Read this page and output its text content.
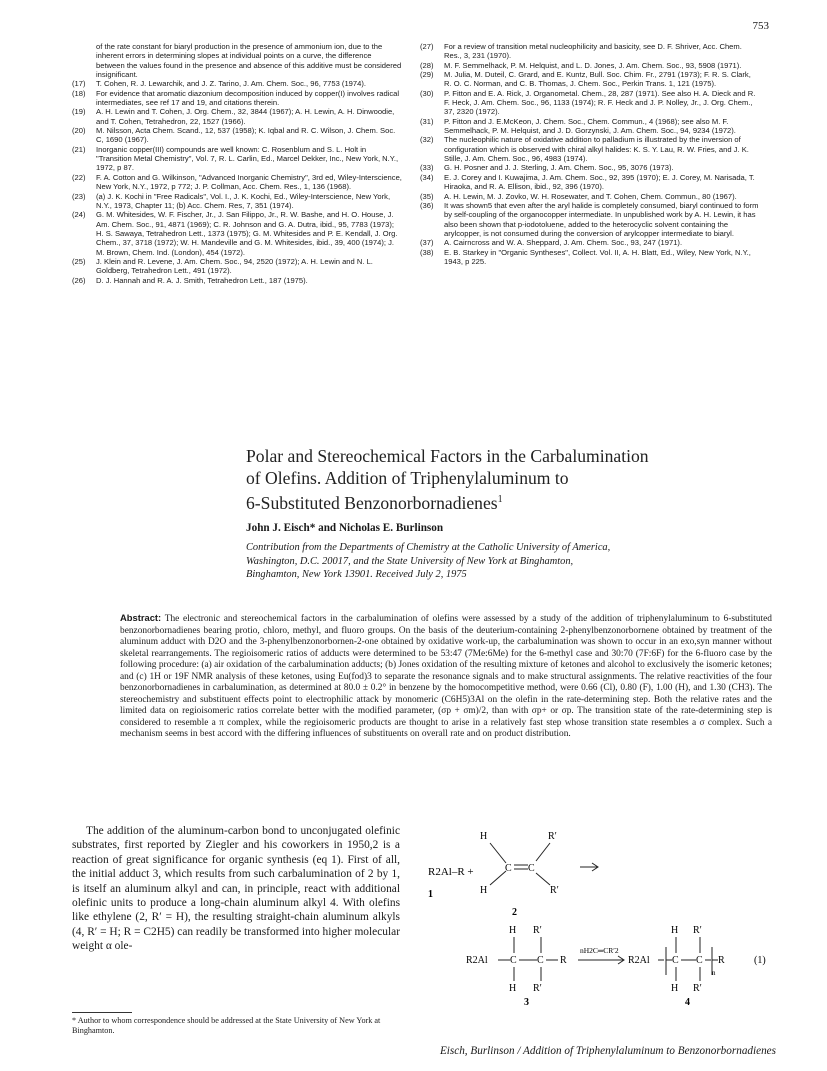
753
of the rate constant for biaryl production in the presence of ammonium ion, due to the inherent errors in determining slopes at individual points on a curve, the difference between the values found in the presence and absence of this additive must be considered insignificant.
(17)	T. Cohen, R. J. Lewarchik, and J. Z. Tarino, J. Am. Chem. Soc., 96, 7753 (1974).
(18)	For evidence that aromatic diazonium decomposition induced by copper(I) involves radical intermediates, see ref 17 and 19, and citations therein.
(19)	A. H. Lewin and T. Cohen, J. Org. Chem., 32, 3844 (1967); A. H. Lewin, A. H. Dinwoodie, and T. Cohen, Tetrahedron, 22, 1527 (1966).
(20)	M. Nilsson, Acta Chem. Scand., 12, 537 (1958); K. Iqbal and R. C. Wilson, J. Chem. Soc. C, 1690 (1967).
(21)	Inorganic copper(III) compounds are well known: C. Rosenblum and S. L. Holt in "Transition Metal Chemistry", Vol. 7, R. L. Carlin, Ed., Marcel Dekker, Inc., New York, N.Y., 1972, p 87.
(22)	F. A. Cotton and G. Wilkinson, "Advanced Inorganic Chemistry", 3rd ed, Wiley-Interscience, New York, N.Y., 1972, p 772; J. P. Collman, Acc. Chem. Res., 1, 136 (1968).
(23)	(a) J. K. Kochi in "Free Radicals", Vol. I., J. K. Kochi, Ed., Wiley-Interscience, New York, N.Y., 1973, Chapter 11; (b) Acc. Chem. Res, 7, 351 (1974).
(24)	G. M. Whitesides, W. F. Fischer, Jr., J. San Filippo, Jr., R. W. Bashe, and H. O. House, J. Am. Chem. Soc., 91, 4871 (1969); C. R. Johnson and G. A. Dutra, ibid., 95, 7783 (1973); H. S. Sawaya, Tetrahedron Lett., 1373 (1975); G. M. Whitesides and P. E. Kendall, J. Org. Chem., 37, 3718 (1972); W. H. Mandeville and G. M. Whitesides, ibid., 39, 400 (1974); J. M. Brown, Chem. Ind. (London), 454 (1972).
(25)	J. Klein and R. Levene, J. Am. Chem. Soc., 94, 2520 (1972); A. H. Lewin and N. L. Goldberg, Tetrahedron Lett., 491 (1972).
(26)	D. J. Hannah and R. A. J. Smith, Tetrahedron Lett., 187 (1975).
(27)	For a review of transition metal nucleophilicity and basicity, see D. F. Shriver, Acc. Chem. Res., 3, 231 (1970).
(28)	M. F. Semmelhack, P. M. Helquist, and L. D. Jones, J. Am. Chem. Soc., 93, 5908 (1971).
(29)	M. Julia, M. Duteil, C. Grard, and E. Kuntz, Bull. Soc. Chim. Fr., 2791 (1973); F. R. S. Clark, R. O. C. Norman, and C. B. Thomas, J. Chem. Soc., Perkin Trans. 1, 121 (1975).
(30)	P. Fitton and E. A. Rick, J. Organometal. Chem., 28, 287 (1971). See also H. A. Dieck and R. F. Heck, J. Am. Chem. Soc., 96, 1133 (1974); R. F. Heck and J. P. Nolley, Jr., J. Org. Chem., 37, 2320 (1972).
(31)	P. Fitton and J. E.McKeon, J. Chem. Soc., Chem. Commun., 4 (1968); see also M. F. Semmelhack, P. M. Helquist, and J. D. Gorzynski, J. Am. Chem. Soc., 94, 9234 (1972).
(32)	The nucleophilic nature of oxidative addition to palladium is illustrated by the inversion of configuration which is observed with chiral alkyl halides: K. S. Y. Lau, R. W. Fries, and J. K. Stille, J. Am. Chem. Soc., 96, 4983 (1974).
(33)	G. H. Posner and J. J. Sterling, J. Am. Chem. Soc., 95, 3076 (1973).
(34)	E. J. Corey and I. Kuwajima, J. Am. Chem. Soc., 92, 395 (1970); E. J. Corey, M. Narisada, T. Hiraoka, and R. A. Ellison, ibid., 92, 396 (1970).
(35)	A. H. Lewin, M. J. Zovko, W. H. Rosewater, and T. Cohen, Chem. Commun., 80 (1967).
(36)	It was shown5 that even after the aryl halide is completely consumed, biaryl continued to form by self-coupling of the organocopper intermediate. In unpublished work by A. H. Lewin, it has also been shown that p-iodotoluene, added to the heterocyclic solvent containing the arylcopper, is not consumed during the conversion of arylcopper intermediate to biaryl.
(37)	A. Cairncross and W. A. Sheppard, J. Am. Chem. Soc., 93, 247 (1971).
(38)	E. B. Starkey in "Organic Syntheses", Collect. Vol. II, A. H. Blatt, Ed., Wiley, New York, N.Y., 1943, p 225.
Polar and Stereochemical Factors in the Carbalumination
of Olefins. Addition of Triphenylaluminum to
6-Substituted Benzonorbornadienes$^1$
John J. Eisch* and Nicholas E. Burlinson
Contribution from the Departments of Chemistry at the Catholic University of America,
Washington, D.C. 20017, and the State University of New York at Binghamton,
Binghamton, New York 13901. Received July 2, 1975
Abstract: The electronic and stereochemical factors in the carbalumination of olefins were assessed by a study of the addition of triphenylaluminum to 6-substituted benzonorbornadienes bearing protio, chloro, methyl, and fluoro groups. On the basis of the deuterium-containing 2-phenylbenzonorbornene obtained by treatment of the aluminum adduct with D2O and the 3-phenylbenzonorbornen-2-one obtained by oxidative work-up, the carbalumination was shown to occur in an exo,syn manner without skeletal rearrangements. The regioisomeric ratios of adducts were determined to be 53:47 (7Me:6Me) for the 6-methyl case and 30:70 (7F:6F) for the 6-fluoro case by the following procedure: (a) air oxidation of the carbalumination adducts; (b) Jones oxidation of the resulting mixture of ketones and alcohol to exclusively the isomeric ketones; and (c) 1H or 19F NMR analysis of these ketones, using Eu(fod)3 to separate the resonance signals and to make structural assignments. The relative reactivities of the four benzonorbornadienes in carbalumination, as determined at 80.0 ± 0.2° in benzene by the homocompetitive method, were 0.66 (Cl), 0.80 (F), 1.00 (H), and 1.30 (CH3). The stereochemistry and substituent effects point to electrophilic attack by monomeric (C6H5)3Al on the olefin in the rate-determining step. Both the relative rates and the limited data on regioisomeric ratios correlate better with the modified parameter, (σp + σm)/2, than with σp+ or σp. The transition state of the rate-determining step is considered to resemble a π complex, while the regioisomeric products are thought to arise in a relatively fast step whose transition state resembles a σ complex. Such a mechanism seems in best accord with the differing influences of substituents on overall rate and on product distribution.
The addition of the aluminum-carbon bond to unconjugated olefinic substrates, first reported by Ziegler and his coworkers in 1950,2 is a reaction of great significance for organic synthesis (eq 1). First of all, the initial adduct 3, which results from such carbalumination of 2 by 1, is itself an aluminum alkyl and can, in principle, react with additional olefinic units to produce a long-chain aluminum alkyl 4. With olefins like ethylene (2, R′ = H), the resulting straight-chain aluminum alkyls (4, R′ = H; R = C2H5) can readily be transformed into higher molecular weight α ole-
* Author to whom correspondence should be addressed at the State University of New York at Binghamton.
R2Al–R +
1
H
H
C C
R′
R′
2
R2Al C C R
H R′
H R′
3
nH2C═CR′2
R2Al C C
n
R
H R′
H R′
4
(1)
Eisch, Burlinson / Addition of Triphenylaluminum to Benzonorbornadienes
